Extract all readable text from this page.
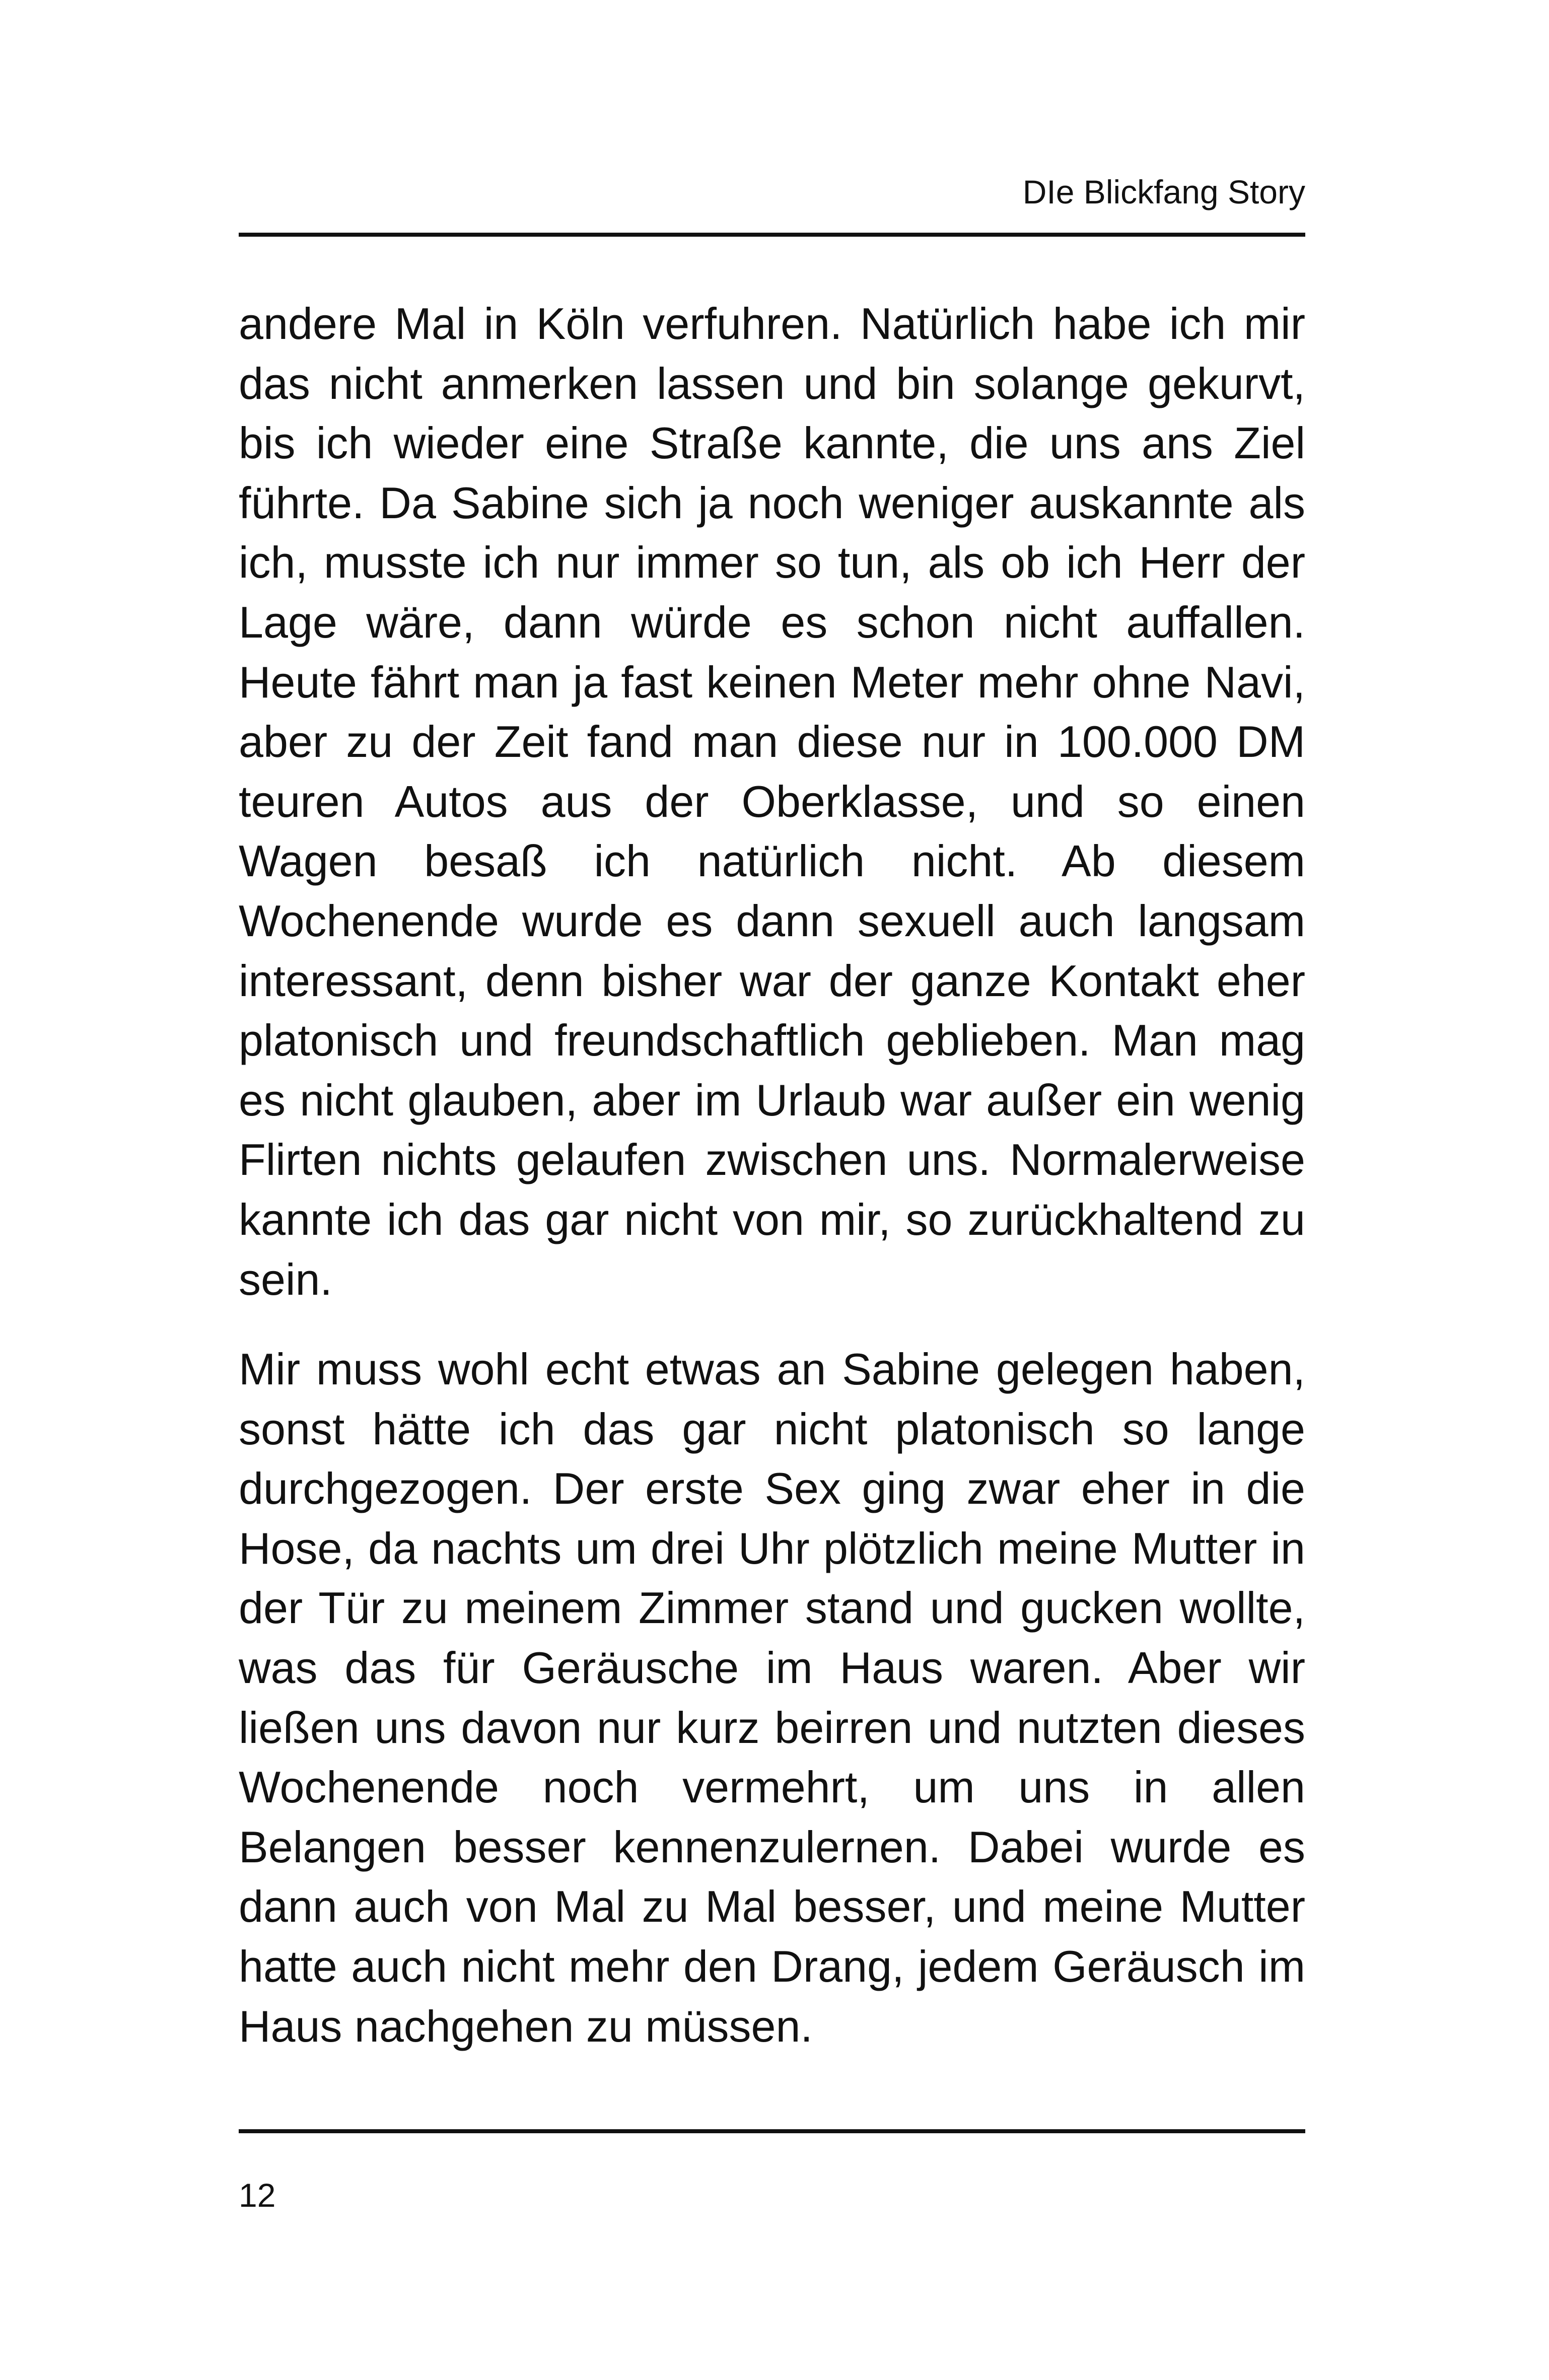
DIe Blickfang Story

andere Mal in Köln verfuhren. Natürlich habe ich mir das nicht anmerken lassen und bin solange gekurvt, bis ich wieder eine Straße kannte, die uns ans Ziel führte. Da Sabine sich ja noch weniger auskannte als ich, musste ich nur immer so tun, als ob ich Herr der Lage wäre, dann würde es schon nicht auffallen. Heute fährt man ja fast keinen Meter mehr ohne Navi, aber zu der Zeit fand man diese nur in 100.000 DM teuren Autos aus der Oberklasse, und so einen Wagen besaß ich natürlich nicht. Ab diesem Wochenende wurde es dann sexuell auch langsam interessant, denn bisher war der ganze Kontakt eher platonisch und freundschaftlich geblieben. Man mag es nicht glauben, aber im Urlaub war außer ein wenig Flirten nichts gelaufen zwischen uns. Normalerweise kannte ich das gar nicht von mir, so zurückhaltend zu sein.

Mir muss wohl echt etwas an Sabine gelegen haben, sonst hätte ich das gar nicht platonisch so lange durchgezogen. Der erste Sex ging zwar eher in die Hose, da nachts um drei Uhr plötzlich meine Mutter in der Tür zu meinem Zimmer stand und gucken wollte, was das für Geräusche im Haus waren. Aber wir ließen uns davon nur kurz beirren und nutzten dieses Wochenende noch vermehrt, um uns in allen Belangen besser kennenzulernen. Dabei wurde es dann auch von Mal zu Mal besser, und meine Mutter hatte auch nicht mehr den Drang, jedem Geräusch im Haus nachgehen zu müssen.

12
